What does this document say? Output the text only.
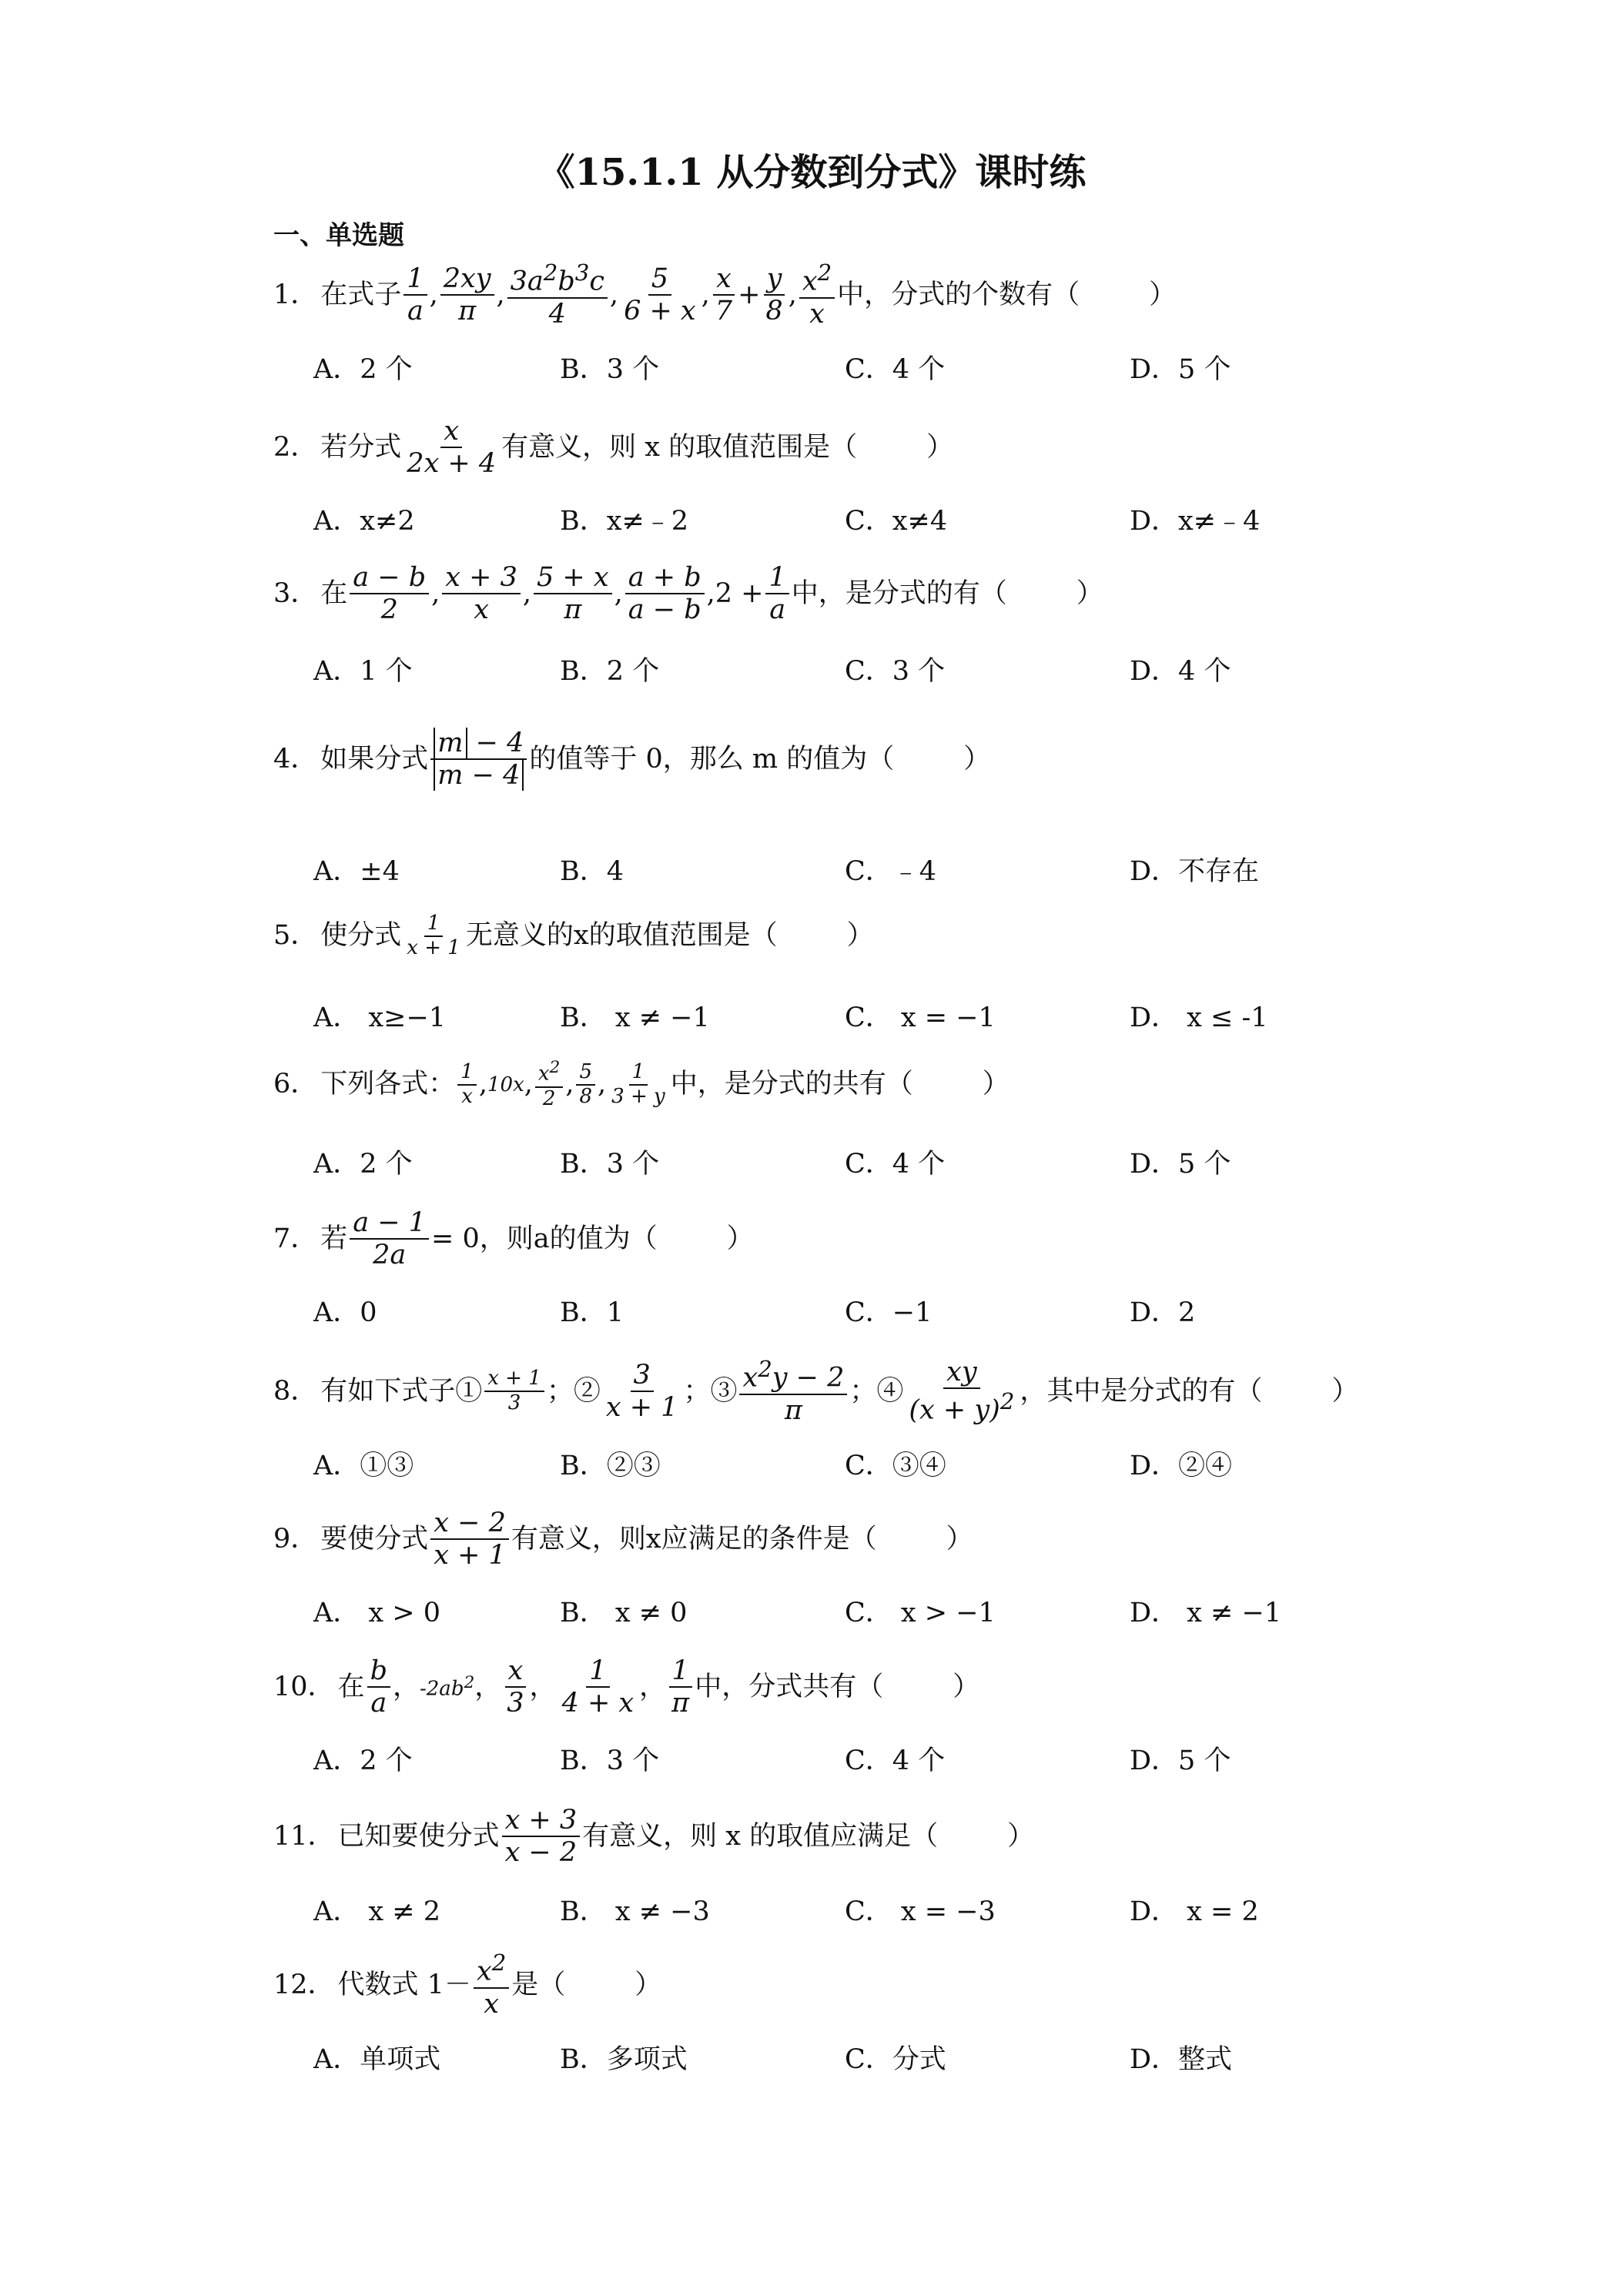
《15.1.1 从分数到分式》课时练
一、单选题
1． 在式子 $\frac{1}{a}$ , $\frac{2xy}{\pi}$ , $\frac{3a^2b^3c}{4}$ , $\frac{5}{6 + x}$ , $\frac{x}{7} + \frac{y}{8}$ , $\frac{x^2}{x}$ 中，分式的个数有（	）
A．2 个	B．3 个	C．4 个	D．5 个
2． 若分式 $\frac{x}{2x + 4}$ 有意义，则 x 的取值范围是（	）
A．x≠2	B．x≠﹣2	C．x≠4	D．x≠﹣4
3． 在 $\frac{a - b}{2}$ , $\frac{x + 3}{x}$ , $\frac{5 + x}{\pi}$ , $\frac{a + b}{a - b} ,2 + \frac{1}{a}$ 中，是分式的有（	）
A．1 个	B．2 个	C．3 个	D．4 个
4． 如果分式 $\frac{m - 4}{m - 4}$ 的值等于 0，那么 m 的值为（	）
A．±4	B．4	C．﹣4	D．不存在
5． 使分式 $\frac{1}{x + 1}$ 无意义的x的取值范围是（	）
A． x≥−1	B． x ≠ −1	C． x = −1	D． x ≤ -1
6． 下列各式： $\frac{1}{x}$ , 10x , $\frac{x^2}{2}$ , $\frac{5}{8}$ , $\frac{1}{3 + y}$ 中，是分式的共有（	）
A．2 个	B．3 个	C．4 个	D．5 个
7． 若 $\frac{a - 1}{2a} = 0$ ，则a的值为（	）
A．0	B．1	C．−1	D．2
8． 有如下式子① $\frac{x + 1}{3}$ ；② $\frac{3}{x + 1}$ ；③ $\frac{x^2y - 2}{\pi}$ ；④ $\frac{xy}{(x + y)^2}$ ，其中是分式的有（	）
A．①③	B．②③	C．③④	D．②④
9． 要使分式 $\frac{x - 2}{x + 1}$ 有意义，则x应满足的条件是（	）
A． x > 0	B． x ≠ 0	C． x > −1	D． x ≠ −1
10． 在 $\frac{b}{a}$ ， $-2ab^2$ ， $\frac{x}{3}$ ， $\frac{1}{4 + x}$ ， $\frac{1}{\pi}$ 中，分式共有（	）
A．2 个	B．3 个	C．4 个	D．5 个
11． 已知要使分式 $\frac{x + 3}{x - 2}$ 有意义，则 x 的取值应满足（	）
A． x ≠ 2	B． x ≠ −3	C． x = −3	D． x = 2
12． 代数式 $1- \frac{x^2}{x}$ 是（	）
A．单项式	B．多项式	C．分式	D．整式
